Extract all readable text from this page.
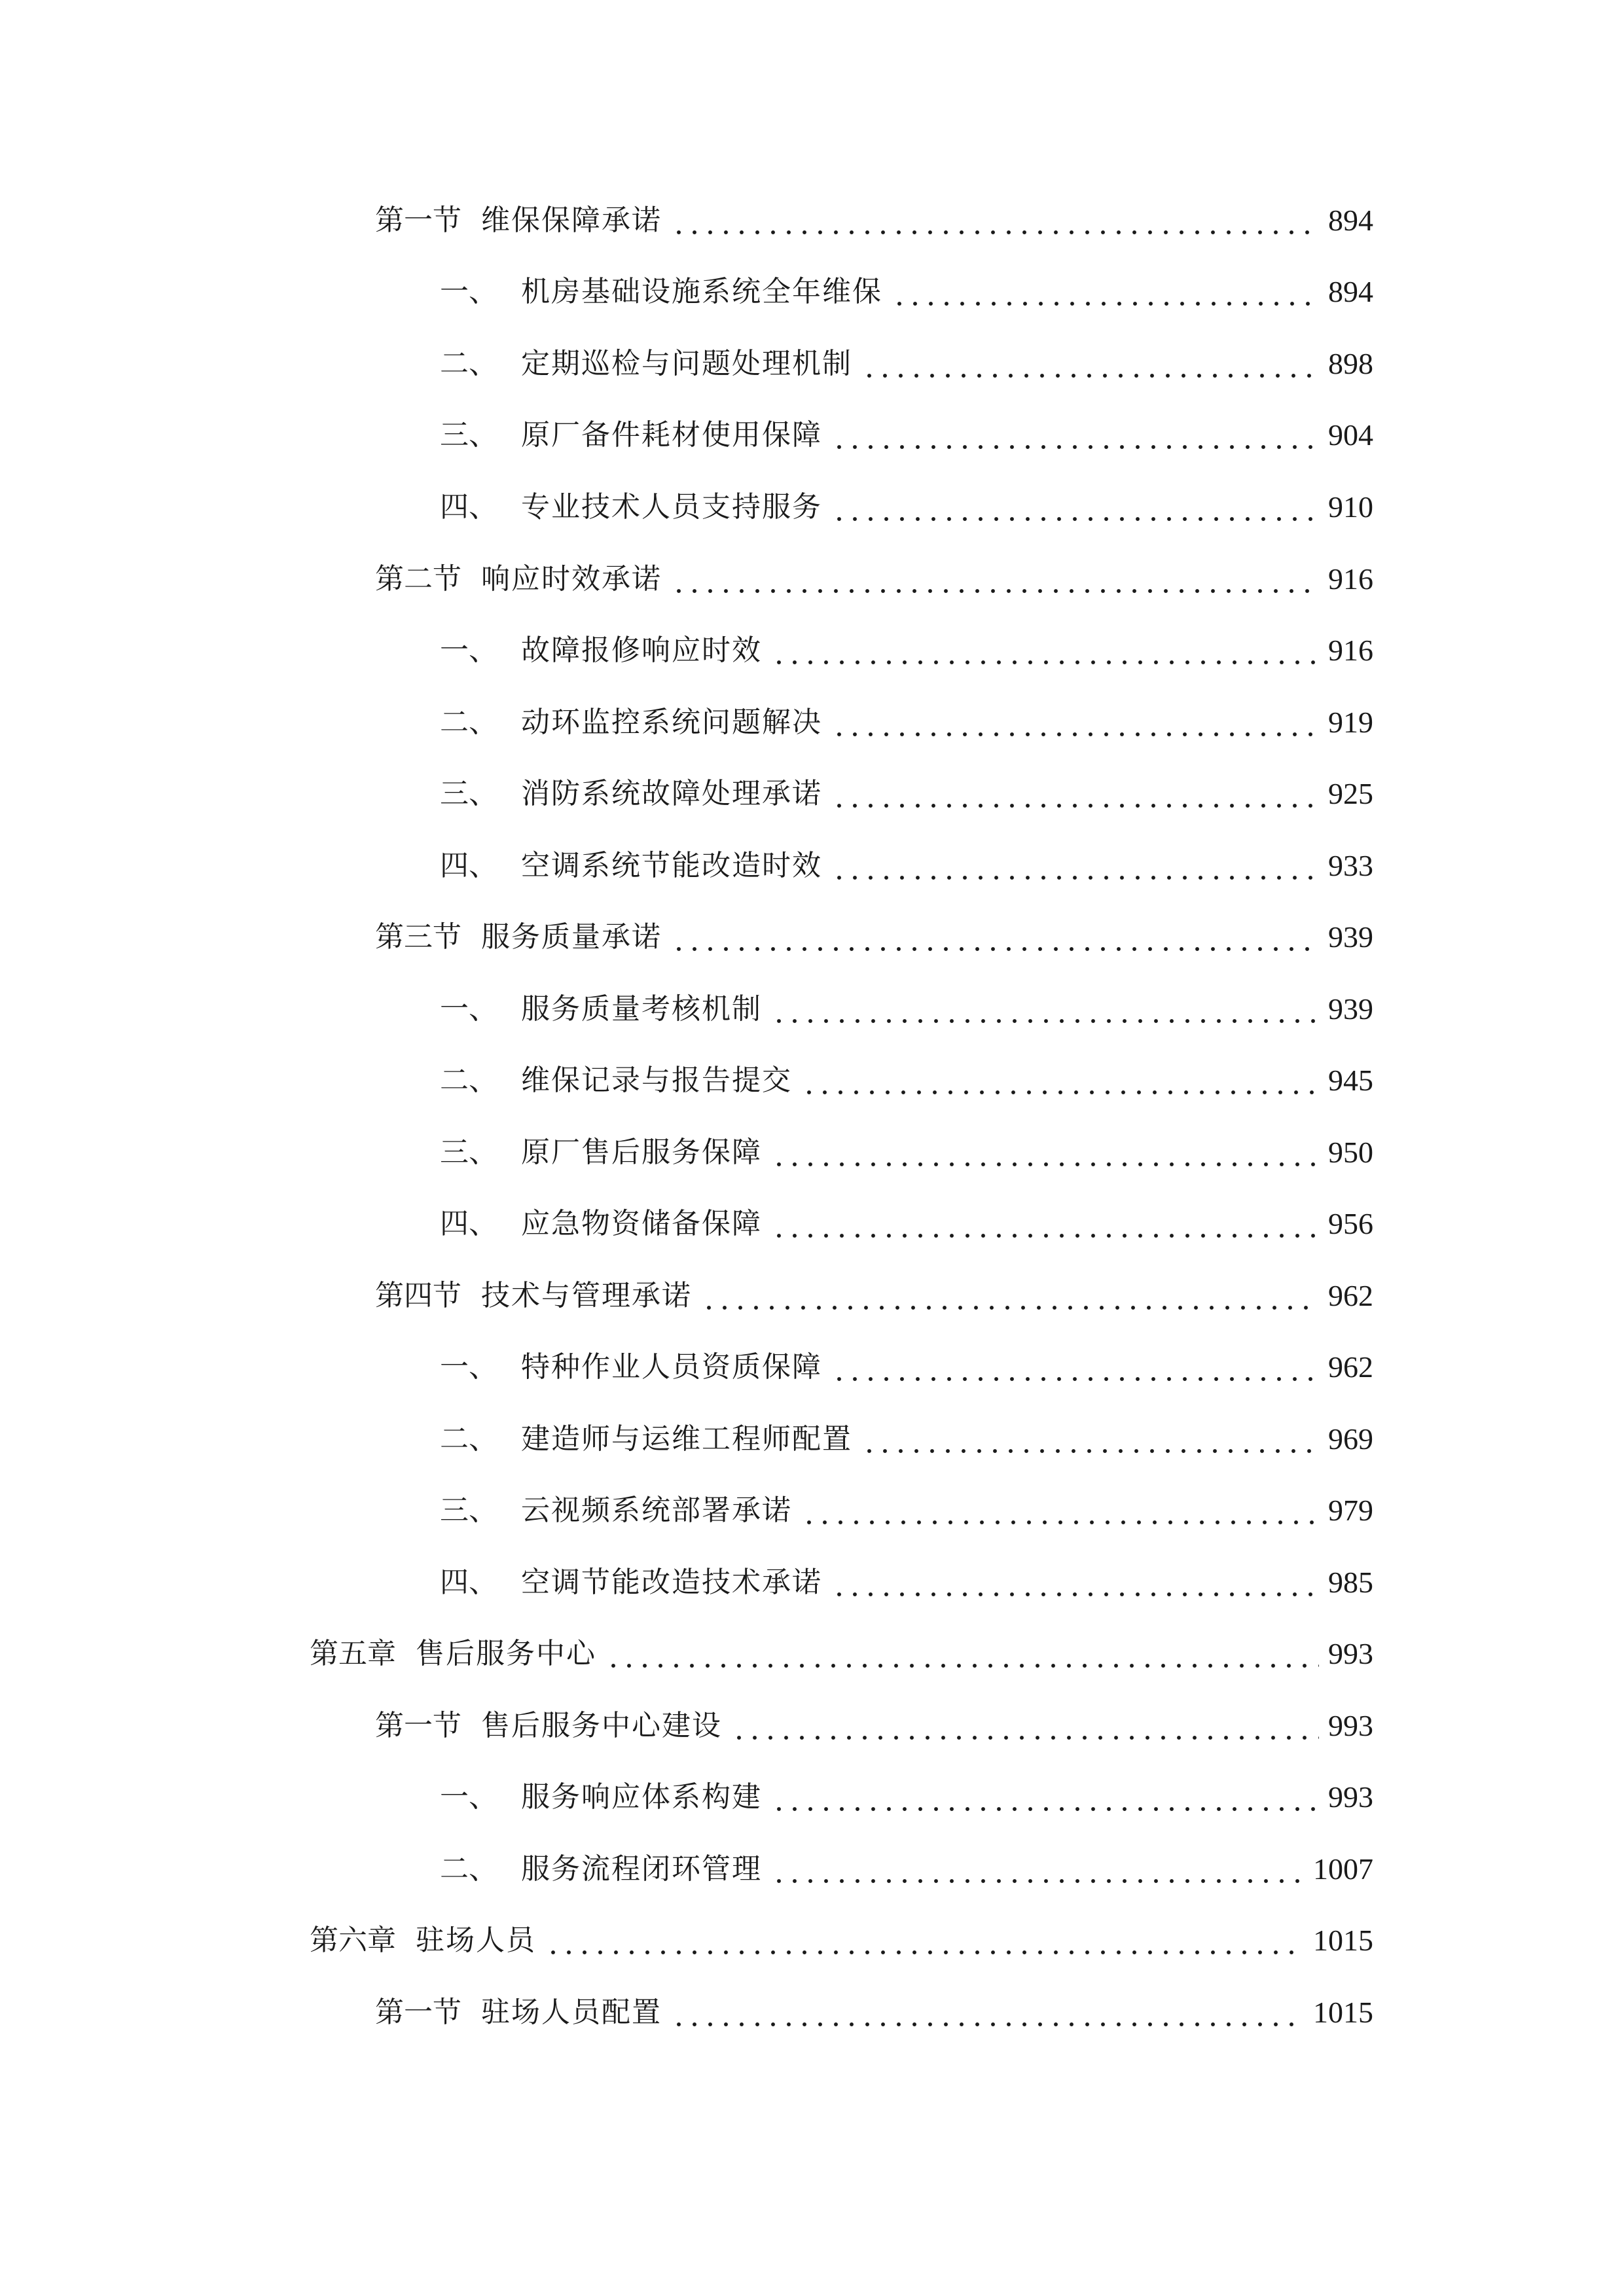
第一节 维保保障承诺	894
一、 机房基础设施系统全年维保	894
二、 定期巡检与问题处理机制	898
三、 原厂备件耗材使用保障	904
四、 专业技术人员支持服务	910
第二节 响应时效承诺	916
一、 故障报修响应时效	916
二、 动环监控系统问题解决	919
三、 消防系统故障处理承诺	925
四、 空调系统节能改造时效	933
第三节 服务质量承诺	939
一、 服务质量考核机制	939
二、 维保记录与报告提交	945
三、 原厂售后服务保障	950
四、 应急物资储备保障	956
第四节 技术与管理承诺	962
一、 特种作业人员资质保障	962
二、 建造师与运维工程师配置	969
三、 云视频系统部署承诺	979
四、 空调节能改造技术承诺	985
第五章 售后服务中心	993
第一节 售后服务中心建设	993
一、 服务响应体系构建	993
二、 服务流程闭环管理	1007
第六章 驻场人员	1015
第一节 驻场人员配置	1015
